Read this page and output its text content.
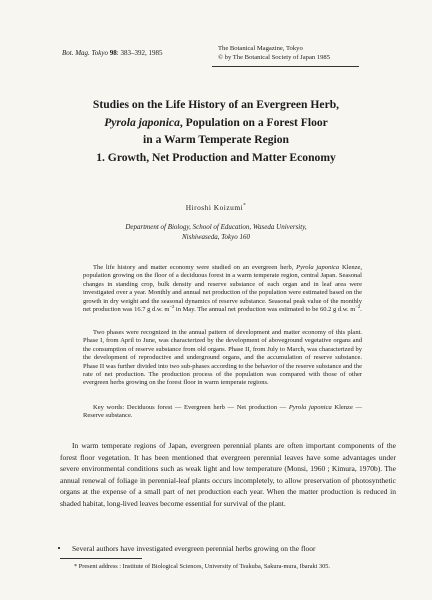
Bot. Mag. Tokyo 98: 383–392, 1985
The Botanical Magazine, Tokyo
© by The Botanical Society of Japan 1985
Studies on the Life History of an Evergreen Herb,
Pyrola japonica, Population on a Forest Floor
in a Warm Temperate Region
1. Growth, Net Production and Matter Economy
Hiroshi Koizumi*
Department of Biology, School of Education, Waseda University,
Nishiwaseda, Tokyo 160

The life history and matter economy were studied on an evergreen herb, Pyrola japonica Klenze, population growing on the floor of a deciduous forest in a warm temperate region, central Japan. Seasonal changes in standing crop, bulk density and reserve substance of each organ and in leaf area were investigated over a year. Monthly and annual net production of the population were estimated based on the growth in dry weight and the seasonal dynamics of reserve substance. Seasonal peak value of the monthly net production was 16.7 g d.w. $m^{-2}$ in May. The annual net production was estimated to be 60.2 g d.w. $m^{-2}$.

Two phases were recognized in the annual pattern of development and matter economy of this plant. Phase I, from April to June, was characterized by the development of aboveground vegetative organs and the consumption of reserve substance from old organs. Phase II, from July to March, was characterized by the development of reproductive and underground organs, and the accumulation of reserve substance. Phase II was further divided into two sub-phases according to the behavior of the reserve substance and the rate of net production. The production process of the population was compared with those of other evergreen herbs growing on the forest floor in warm temperate regions.

Key words: Deciduous forest — Evergreen herb — Net production — Pyrola japonica Klenze — Reserve substance.

In warm temperate regions of Japan, evergreen perennial plants are often important components of the forest floor vegetation. It has been mentioned that evergreen perennial leaves have some advantages under severe environmental conditions such as weak light and low temperature (Monsi, 1960 ; Kimura, 1970b). The annual renewal of foliage in perennial-leaf plants occurs incompletely, to allow preservation of photosynthetic organs at the expense of a small part of net production each year. When the matter production is reduced in shaded habitat, long-lived leaves become essential for survival of the plant.

Several authors have investigated evergreen perennial herbs growing on the floor

* Present address : Institute of Biological Sciences, University of Tsukuba, Sakura-mura, Ibaraki 305.
